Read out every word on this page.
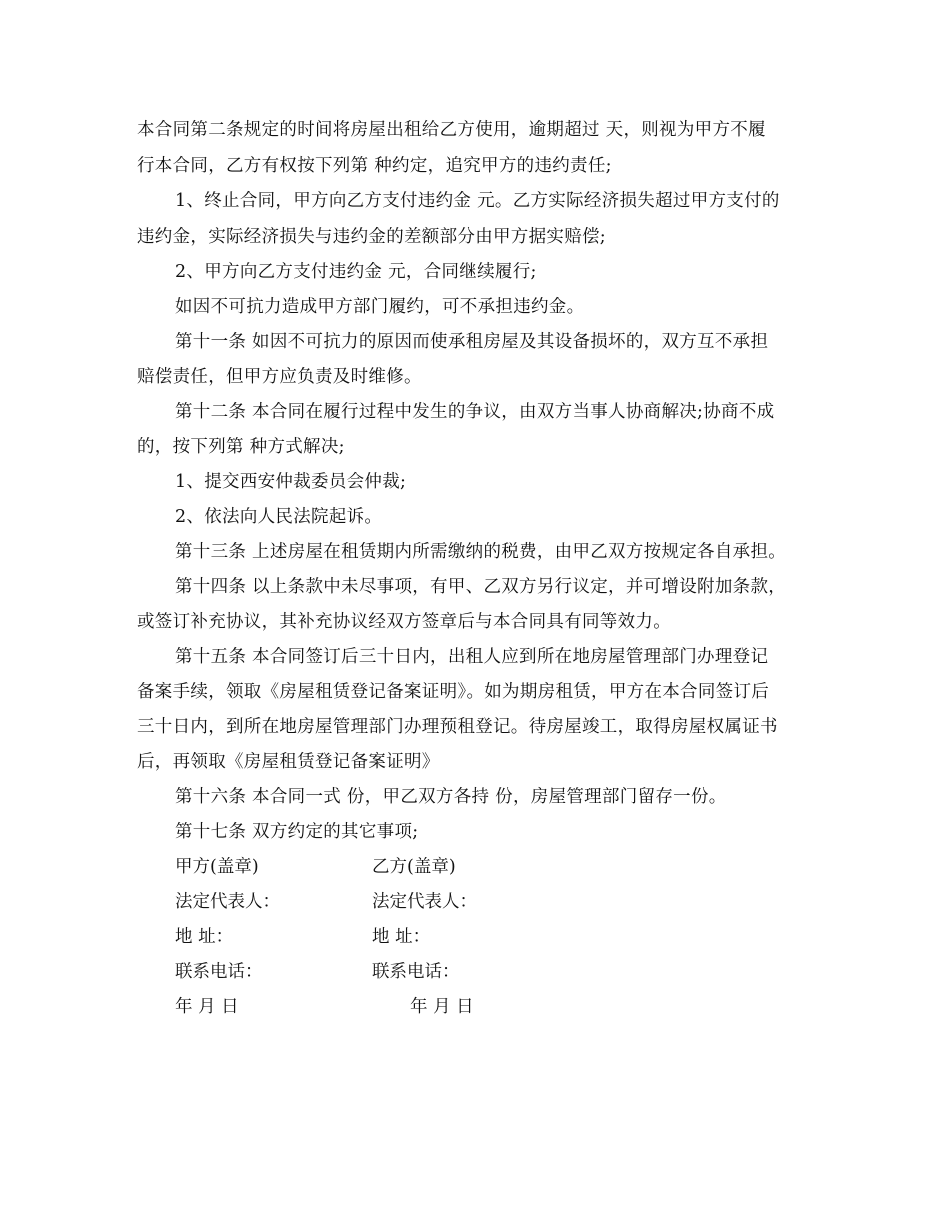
本合同第二条规定的时间将房屋出租给乙方使用，逾期超过 天，则视为甲方不履
行本合同，乙方有权按下列第 种约定，追究甲方的违约责任;
1、终止合同，甲方向乙方支付违约金 元。乙方实际经济损失超过甲方支付的
违约金，实际经济损失与违约金的差额部分由甲方据实赔偿;
2、甲方向乙方支付违约金 元，合同继续履行;
如因不可抗力造成甲方部门履约，可不承担违约金。
第十一条 如因不可抗力的原因而使承租房屋及其设备损坏的，双方互不承担
赔偿责任，但甲方应负责及时维修。
第十二条 本合同在履行过程中发生的争议，由双方当事人协商解决;协商不成
的，按下列第 种方式解决;
1、提交西安仲裁委员会仲裁;
2、依法向人民法院起诉。
第十三条 上述房屋在租赁期内所需缴纳的税费，由甲乙双方按规定各自承担。
第十四条 以上条款中未尽事项，有甲、乙双方另行议定，并可增设附加条款，
或签订补充协议，其补充协议经双方签章后与本合同具有同等效力。
第十五条 本合同签订后三十日内，出租人应到所在地房屋管理部门办理登记
备案手续，领取《房屋租赁登记备案证明》。如为期房租赁，甲方在本合同签订后
三十日内，到所在地房屋管理部门办理预租登记。待房屋竣工，取得房屋权属证书
后，再领取《房屋租赁登记备案证明》
第十六条 本合同一式 份，甲乙双方各持 份，房屋管理部门留存一份。
第十七条 双方约定的其它事项;
甲方(盖章)	乙方(盖章)
法定代表人：	法定代表人：
地 址：	地 址：
联系电话：	联系电话：
年 月 日	年 月 日
